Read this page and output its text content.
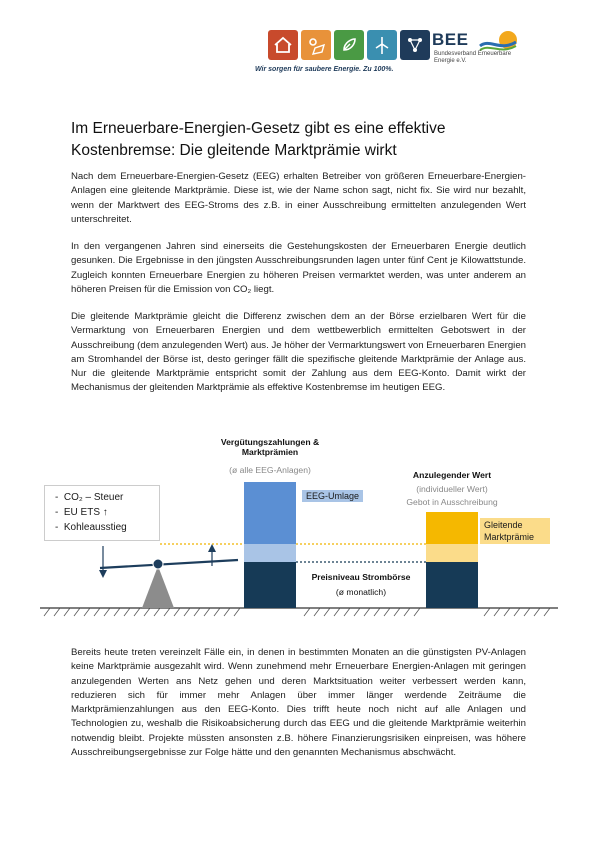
BEE
Bundesverband Erneuerbare Energie e.V.
Wir sorgen für saubere Energie. Zu 100%.
Im Erneuerbare-Energien-Gesetz gibt es eine effektive Kostenbremse: Die gleitende Marktprämie wirkt

Nach dem Erneuerbare-Energien-Gesetz (EEG) erhalten Betreiber von größeren Erneuerbare-Energien-Anlagen eine gleitende Marktprämie. Diese ist, wie der Name schon sagt, nicht fix. Sie wird nur bezahlt, wenn der Marktwert des EEG-Stroms des z.B. in einer Ausschreibung ermittelten anzulegenden Wert unterschreitet.

In den vergangenen Jahren sind einerseits die Gestehungskosten der Erneuerbaren Energie deutlich gesunken. Die Ergebnisse in den jüngsten Ausschreibungsrunden lagen unter fünf Cent je Kilowattstunde. Zugleich konnten Erneuerbare Energien zu höheren Preisen vermarktet werden, was unter anderem an höheren Preisen für die Emission von CO₂ liegt.

Die gleitende Marktprämie gleicht die Differenz zwischen dem an der Börse erzielbaren Wert für die Vermarktung von Erneuerbaren Energien und dem wettbewerblich ermittelten Gebotswert in der Ausschreibung (dem anzulegenden Wert) aus. Je höher der Vermarktungswert von Erneuerbaren Energien am Stromhandel der Börse ist, desto geringer fällt die spezifische gleitende Marktprämie der Anlage aus. Nur die gleitende Marktprämie entspricht somit der Zahlung aus dem EEG-Konto. Damit wirkt der Mechanismus der gleitenden Marktprämie als effektive Kostenbremse im heutigen EEG.

Vergütungszahlungen & Marktprämien
(ø alle EEG-Anlagen)
EEG-Umlage
Anzulegender Wert
(individueller Wert)
Gebot in Ausschreibung
Gleitende Marktprämie
Preisniveau Strombörse
(ø monatlich)
-  CO₂ – Steuer
-  EU ETS ↑
-  Kohleausstieg

Bereits heute treten vereinzelt Fälle ein, in denen in bestimmten Monaten an die günstigsten PV-Anlagen keine Marktprämie ausgezahlt wird. Wenn zunehmend mehr Erneuerbare Energien-Anlagen mit geringen anzulegenden Werten ans Netz gehen und deren Marktsituation weiter verbessert werden kann, reduzieren sich für immer mehr Anlagen über immer länger werdende Zeiträume die Marktprämienzahlungen aus den EEG-Konto. Dies trifft heute noch nicht auf alle Anlagen und Technologien zu, weshalb die Risikoabsicherung durch das EEG und die gleitende Marktprämie weiterhin notwendig bleibt. Projekte müssten ansonsten z.B. höhere Finanzierungsrisiken einpreisen, was höhere Ausschreibungsergebnisse zur Folge hätte und den genannten Mechanismus abschwächt.
